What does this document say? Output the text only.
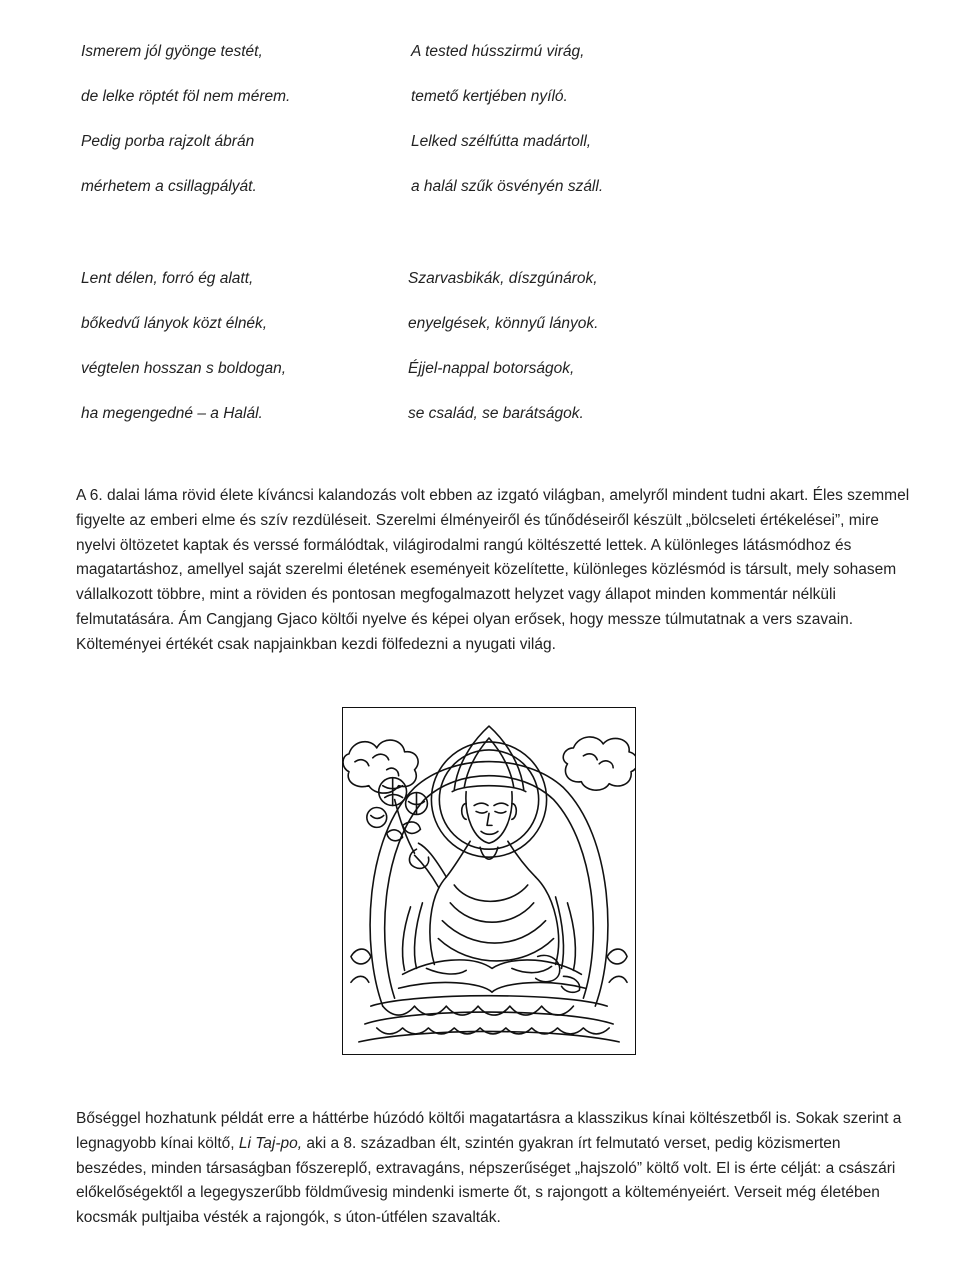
Ismerem jól gyönge testét,
de lelke röptét föl nem mérem.
Pedig porba rajzolt ábrán
mérhetem a csillagpályát.
A tested hússzirmú virág,
temető kertjében nyíló.
Lelked szélfútta madártoll,
a halál szűk ösvényén száll.
Lent délen, forró ég alatt,
bőkedvű lányok közt élnék,
végtelen hosszan s boldogan,
ha megengedné – a Halál.
Szarvasbikák, díszgúnárok,
enyelgések, könnyű lányok.
Éjjel-nappal botorságok,
se család, se barátságok.

A 6. dalai láma rövid élete kíváncsi kalandozás volt ebben az izgató világban, amelyről mindent tudni akart. Éles szemmel
figyelte az emberi elme és szív rezdüléseit. Szerelmi élményeiről és tűnődéseiről készült „bölcseleti értékelései”, mire
nyelvi öltözetet kaptak és verssé formálódtak, világirodalmi rangú költészetté lettek. A különleges látásmódhoz és
magatartáshoz, amellyel saját szerelmi életének eseményeit közelítette, különleges közlésmód is társult, mely sohasem
vállalkozott többre, mint a röviden és pontosan megfogalmazott helyzet vagy állapot minden kommentár nélküli
felmutatására. Ám Cangjang Gjaco költői nyelve és képei olyan erősek, hogy messze túlmutatnak a vers szavain.
Költeményei értékét csak napjainkban kezdi fölfedezni a nyugati világ.

Bőséggel hozhatunk példát erre a háttérbe húzódó költői magatartásra a klasszikus kínai költészetből is. Sokak szerint a
legnagyobb kínai költő, Li Taj-po, aki a 8. században élt, szintén gyakran írt felmutató verset, pedig közismerten
beszédes, minden társaságban főszereplő, extravagáns, népszerűséget „hajszoló” költő volt. El is érte célját: a császári
előkelőségektől a legegyszerűbb földművesig mindenki ismerte őt, s rajongott a költeményeiért. Verseit még életében
kocsmák pultjaiba vésték a rajongók, s úton-útfélen szavalták.
